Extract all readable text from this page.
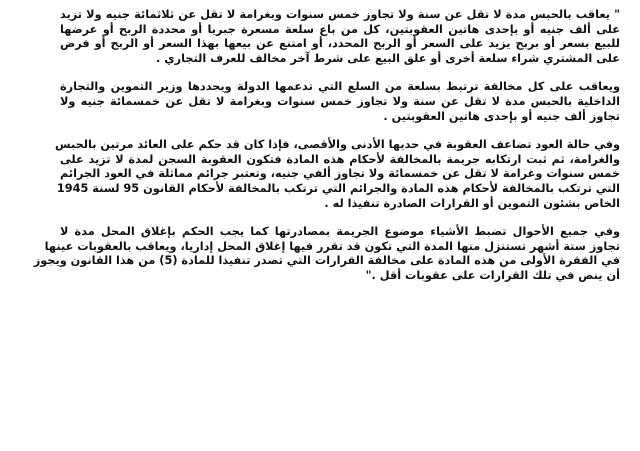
" يعاقب بالحبس مدة لا تقل عن سنة ولا تجاوز خمس سنوات وبغرامة لا تقل عن ثلاثمائة جنيه ولا تزيد
على ألف جنيه أو بإحدى هاتين العقوبتين، كل من باع سلعة مسعرة جبريا أو محددة الربح أو عرضها
للبيع بسعر أو بربح يزيد على السعر أو الربح المحدد، أو امتنع عن بيعها بهذا السعر أو الربح أو فرض
على المشتري شراء سلعة أخرى أو علق البيع على شرط آخر مخالف للعرف التجاري .

ويعاقب على كل مخالفة ترتبط بسلعة من السلع التي تدعمها الدولة ويحددها وزير التموين والتجارة
الداخلية بالحبس مدة لا تقل عن سنة ولا تجاوز خمس سنوات وبغرامة لا تقل عن خمسمائة جنيه ولا
تجاوز ألف جنيه أو بإحدى هاتين العقوبتين .

وفي حالة العود تضاعف العقوبة في حديها الأدنى والأقصى، فإذا كان قد حكم على العائد مرتين بالحبس
والغرامة، ثم ثبت ارتكابه جريمة بالمخالفة لأحكام هذه المادة فتكون العقوبة السجن لمدة لا تزيد على
خمس سنوات وغرامة لا تقل عن خمسمائة ولا تجاوز ألفي جنيه، وتعتبر جرائم مماثلة في العود الجرائم
التي ترتكب بالمخالفة لأحكام هذه المادة والجرائم التي ترتكب بالمخالفة لأحكام القانون 95 لسنة 1945
الخاص بشئون التموين أو القرارات الصادرة تنفيذا له .

وفي جميع الأحوال تضبط الأشياء موضوع الجريمة بمصادرتها كما يجب الحكم بإغلاق المحل مدة لا
تجاوز ستة أشهر تستنزل منها المدة التي تكون قد تقرر فيها إغلاق المحل إداريا، ويعاقب بالعقوبات عينها
في الفقرة الأولى من هذه المادة على مخالفة القرارات التي تصدر تنفيذا للمادة (5) من هذا القانون ويجوز
أن ينص في تلك القرارات على عقوبات أقل ."
